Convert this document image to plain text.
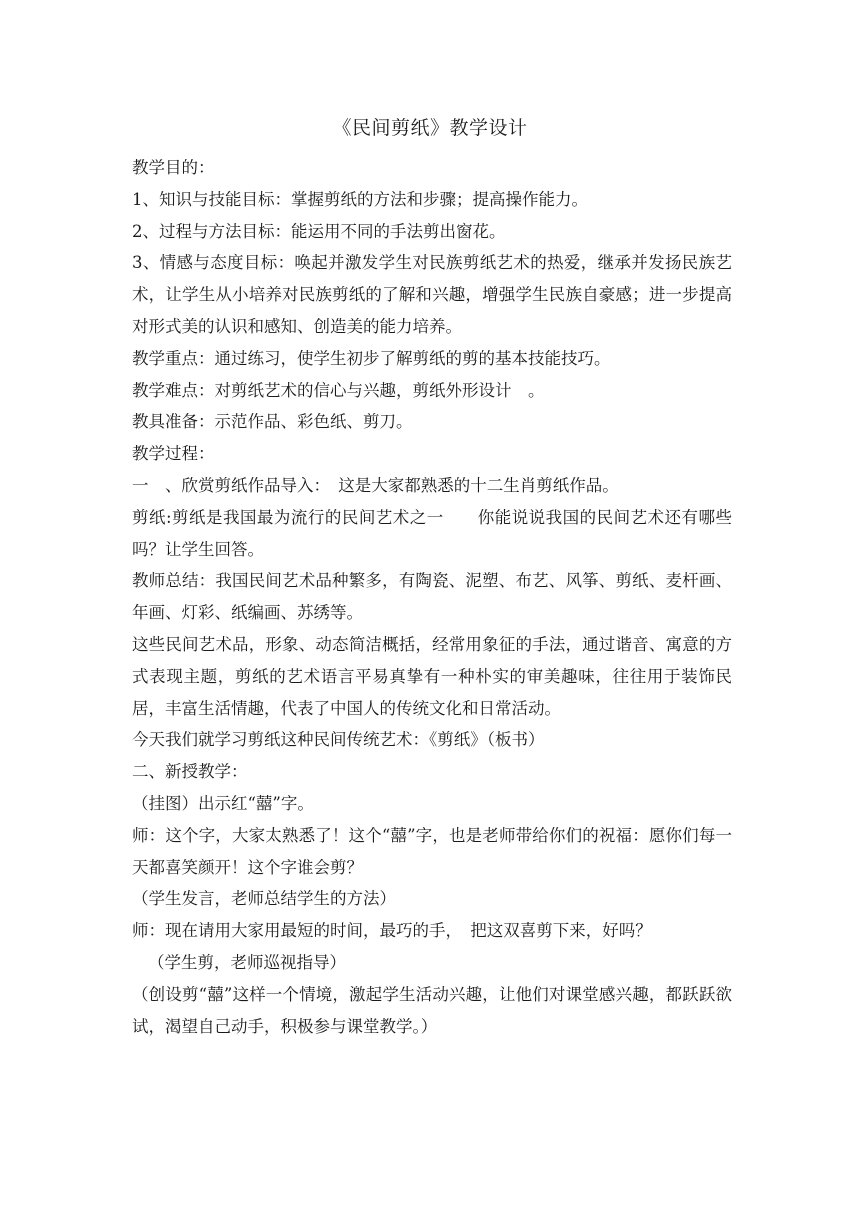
《民间剪纸》教学设计

教学目的：

1、知识与技能目标：掌握剪纸的方法和步骤；提高操作能力。

2、过程与方法目标：能运用不同的手法剪出窗花。

3、情感与态度目标：唤起并激发学生对民族剪纸艺术的热爱，继承并发扬民族艺术，让学生从小培养对民族剪纸的了解和兴趣，增强学生民族自豪感；进一步提高对形式美的认识和感知、创造美的能力培养。

教学重点：通过练习，使学生初步了解剪纸的剪的基本技能技巧。

教学难点：对剪纸艺术的信心与兴趣，剪纸外形设计　。

教具准备：示范作品、彩色纸、剪刀。

教学过程：

一　、欣赏剪纸作品导入：　这是大家都熟悉的十二生肖剪纸作品。

剪纸:剪纸是我国最为流行的民间艺术之一　　你能说说我国的民间艺术还有哪些吗？让学生回答。

教师总结：我国民间艺术品种繁多，有陶瓷、泥塑、布艺、风筝、剪纸、麦杆画、年画、灯彩、纸编画、苏绣等。

这些民间艺术品，形象、动态简洁概括，经常用象征的手法，通过谐音、寓意的方式表现主题，剪纸的艺术语言平易真挚有一种朴实的审美趣味，往往用于装饰民居，丰富生活情趣，代表了中国人的传统文化和日常活动。

今天我们就学习剪纸这种民间传统艺术：《剪纸》（板书）

二、新授教学：

（挂图）出示红“囍”字。

师：这个字，大家太熟悉了！这个“囍”字，也是老师带给你们的祝福：愿你们每一天都喜笑颜开！这个字谁会剪？

（学生发言，老师总结学生的方法）

师：现在请用大家用最短的时间，最巧的手，　把这双喜剪下来，好吗？

（学生剪，老师巡视指导）

（创设剪“囍”这样一个情境，激起学生活动兴趣，让他们对课堂感兴趣，都跃跃欲试，渴望自己动手，积极参与课堂教学。）
